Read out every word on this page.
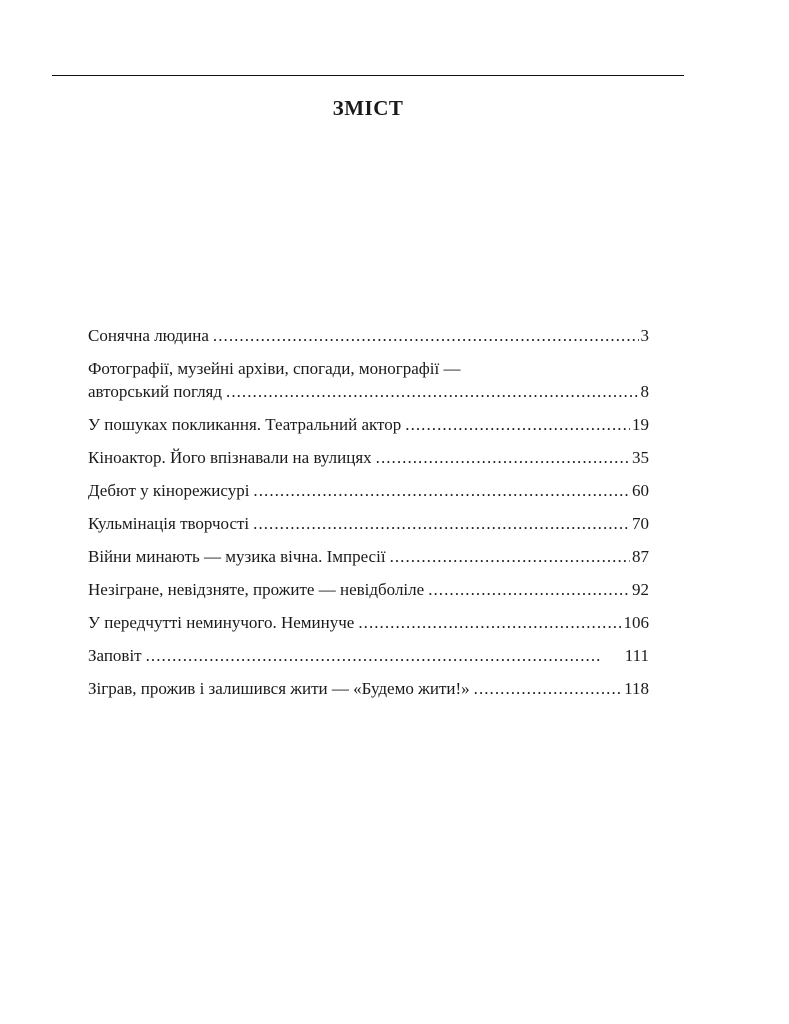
ЗМІСТ
Сонячна людина . . .	3
Фотографії, музейні архіви, спогади, монографії —
авторський погляд . . .	8
У пошуках покликання. Театральний актор . . .	19
Кіноактор. Його впізнавали на вулицях . . .	35
Дебют у кінорежисурі . . .	60
Кульмінація творчості . . .	70
Війни минають — музика вічна. Імпресії . . .	87
Незігране, невідзняте, прожите — невідболіле . . .	92
У передчутті неминучого. Неминуче . . .	106
Заповіт . . .	111
Зіграв, прожив і залишився жити — «Будемо жити!» . . .	118
